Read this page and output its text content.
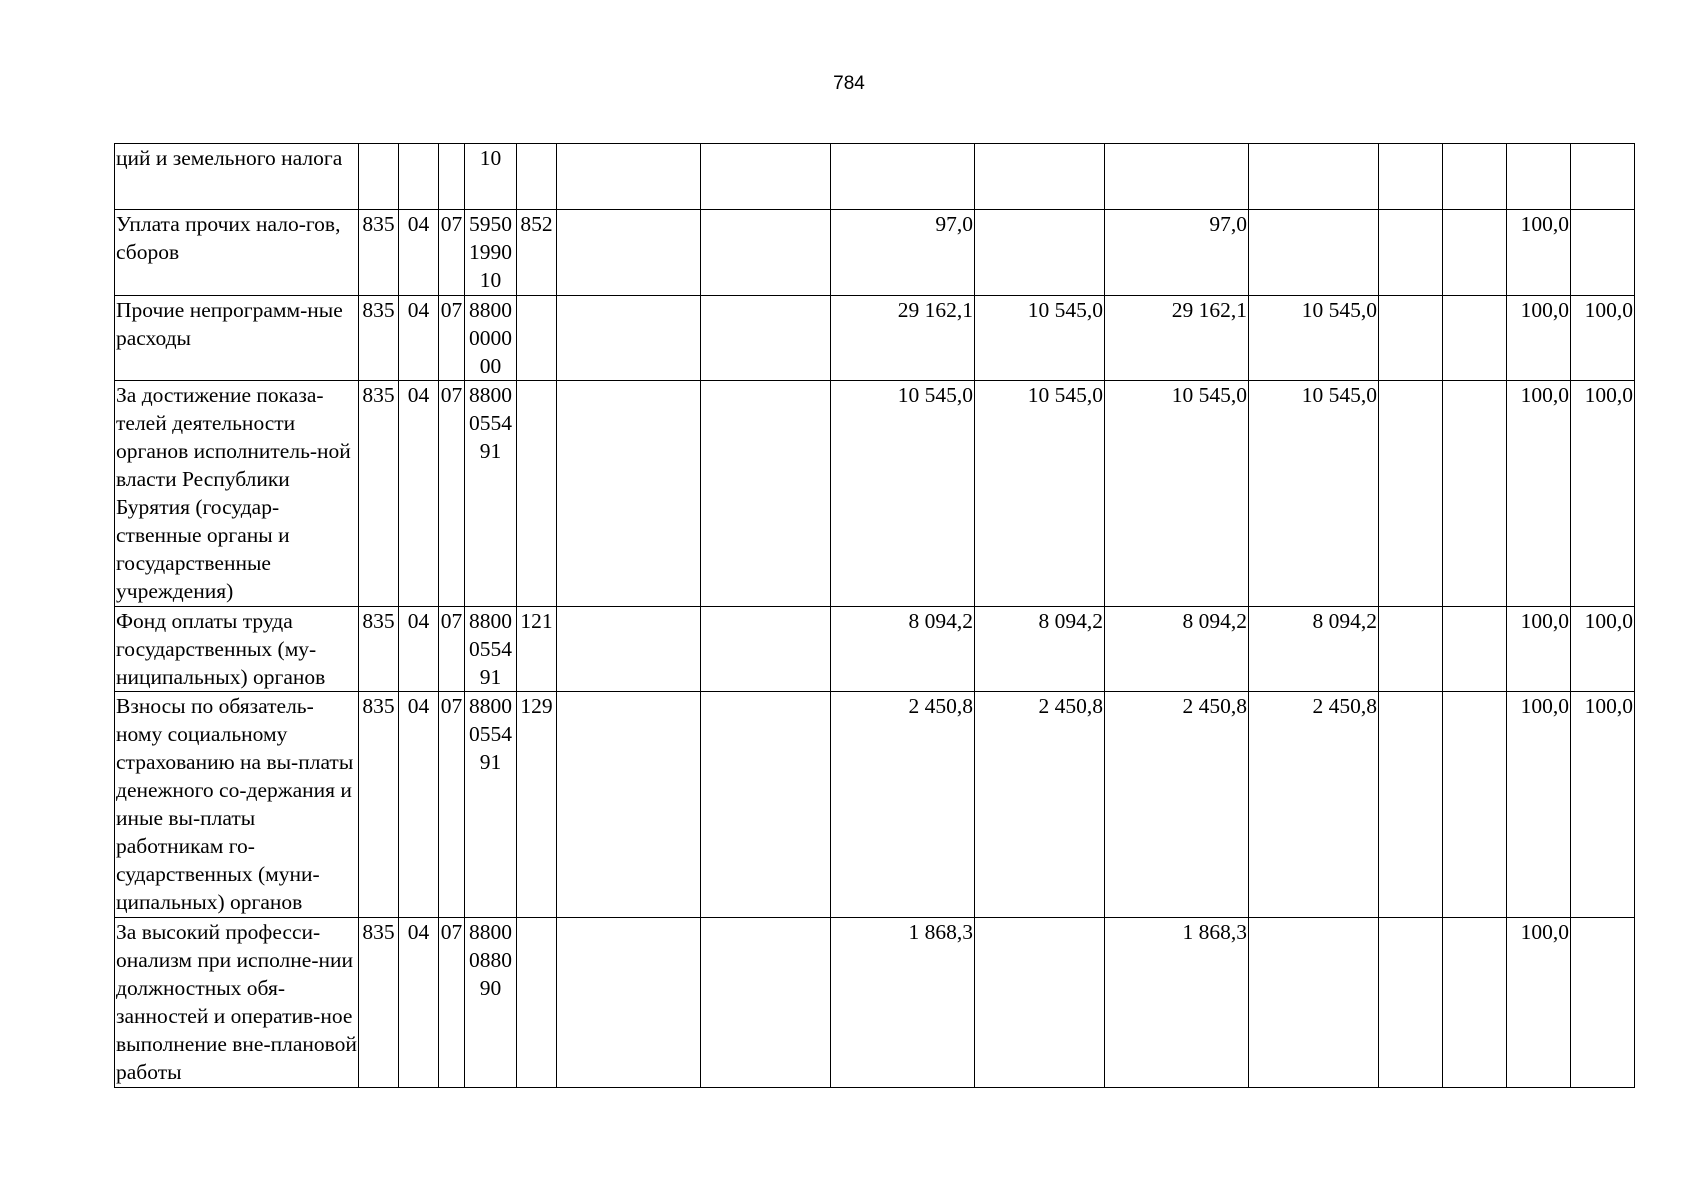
784
ций и земельного налога				10											
Уплата прочих нало-гов, сборов	835	04	07	5950199010	852			97,0		97,0				100,0	
Прочие непрограмм-ные расходы	835	04	07	8800000000				29 162,1	10 545,0	29 162,1	10 545,0			100,0	100,0
За достижение показа-телей деятельности органов исполнитель-ной власти Республики Бурятия (государ-ственные органы и государственные учреждения)	835	04	07	8800055491				10 545,0	10 545,0	10 545,0	10 545,0			100,0	100,0
Фонд оплаты труда государственных (му-ниципальных) органов	835	04	07	8800055491	121			8 094,2	8 094,2	8 094,2	8 094,2			100,0	100,0
Взносы по обязатель-ному социальному страхованию на вы-платы денежного со-держания и иные вы-платы работникам го-сударственных (муни-ципальных) органов	835	04	07	8800055491	129			2 450,8	2 450,8	2 450,8	2 450,8			100,0	100,0
За высокий професси-онализм при исполне-нии должностных обя-занностей и оператив-ное выполнение вне-плановой работы	835	04	07	8800088090				1 868,3		1 868,3				100,0	
